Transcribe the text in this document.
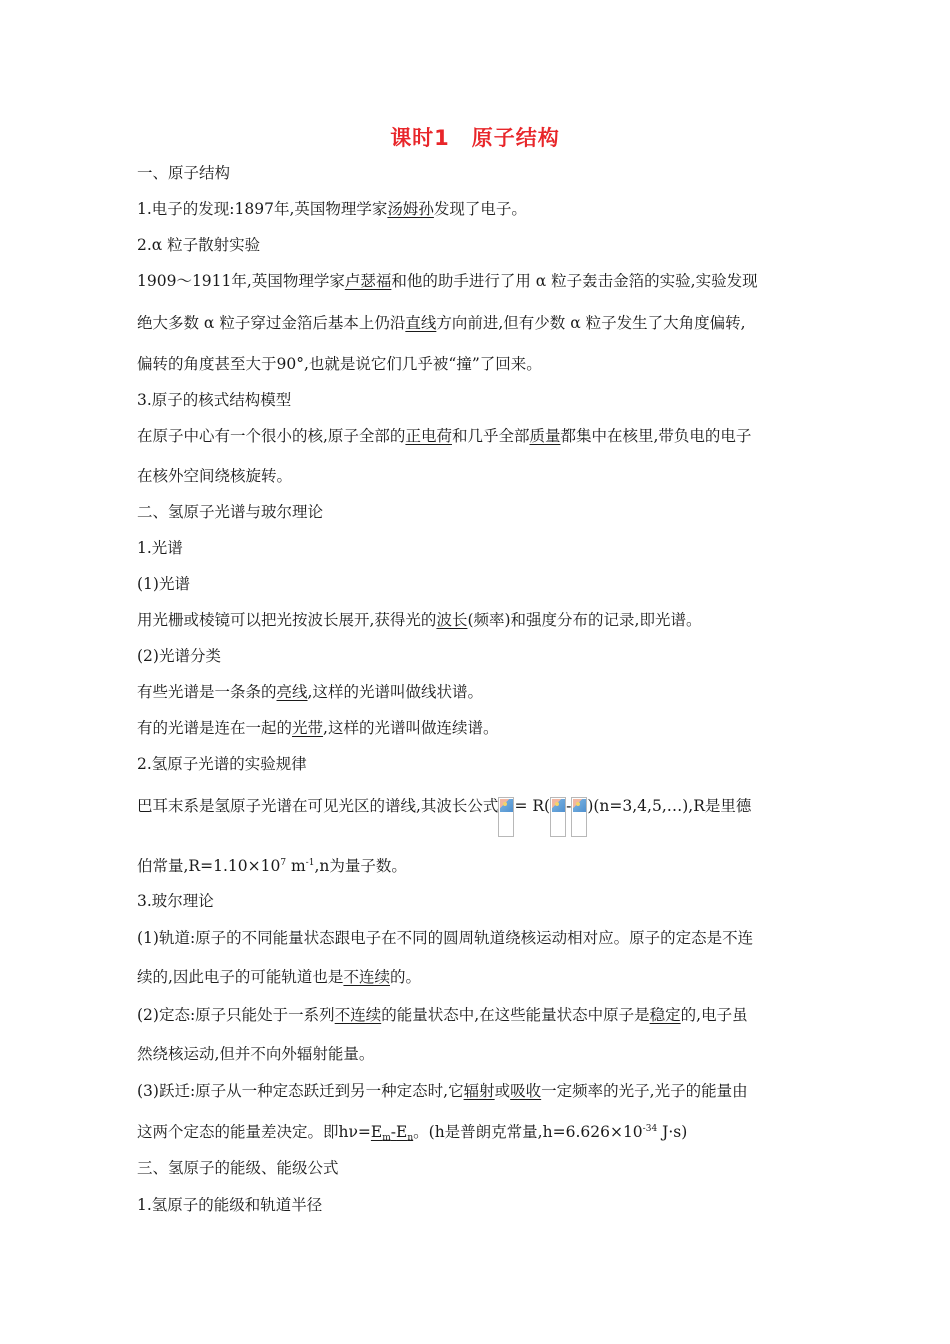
课时1　原子结构
一、原子结构
1.电子的发现:1897年,英国物理学家汤姆孙发现了电子。
2.α 粒子散射实验
1909～1911年,英国物理学家卢瑟福和他的助手进行了用 α 粒子轰击金箔的实验,实验发现
绝大多数 α 粒子穿过金箔后基本上仍沿直线方向前进,但有少数 α 粒子发生了大角度偏转,
偏转的角度甚至大于90°,也就是说它们几乎被“撞”了回来。
3.原子的核式结构模型
在原子中心有一个很小的核,原子全部的正电荷和几乎全部质量都集中在核里,带负电的电子
在核外空间绕核旋转。
二、氢原子光谱与玻尔理论
1.光谱
(1)光谱
用光栅或棱镜可以把光按波长展开,获得光的波长(频率)和强度分布的记录,即光谱。
(2)光谱分类
有些光谱是一条条的亮线,这样的光谱叫做线状谱。
有的光谱是连在一起的光带,这样的光谱叫做连续谱。
2.氢原子光谱的实验规律
巴耳末系是氢原子光谱在可见光区的谱线,其波长公式 = R( - )(n=3,4,5,…),R是里德
伯常量$,R=1.10\times 10^7$ $m^{-1},n$为量子数。
3.玻尔理论
(1)轨道:原子的不同能量状态跟电子在不同的圆周轨道绕核运动相对应。原子的定态是不连
续的,因此电子的可能轨道也是不连续的。
(2)定态:原子只能处于一系列不连续的能量状态中,在这些能量状态中原子是稳定的,电子虽
然绕核运动,但并不向外辐射能量。
(3)跃迁:原子从一种定态跃迁到另一种定态时,它辐射或吸收一定频率的光子,光子的能量由
这两个定态的能量差决定。即$h\nu=E_m-E_n$。(h是普朗克常量$,h=6.626\times 10^{-34}$ J·s)
三、氢原子的能级、能级公式
1.氢原子的能级和轨道半径
